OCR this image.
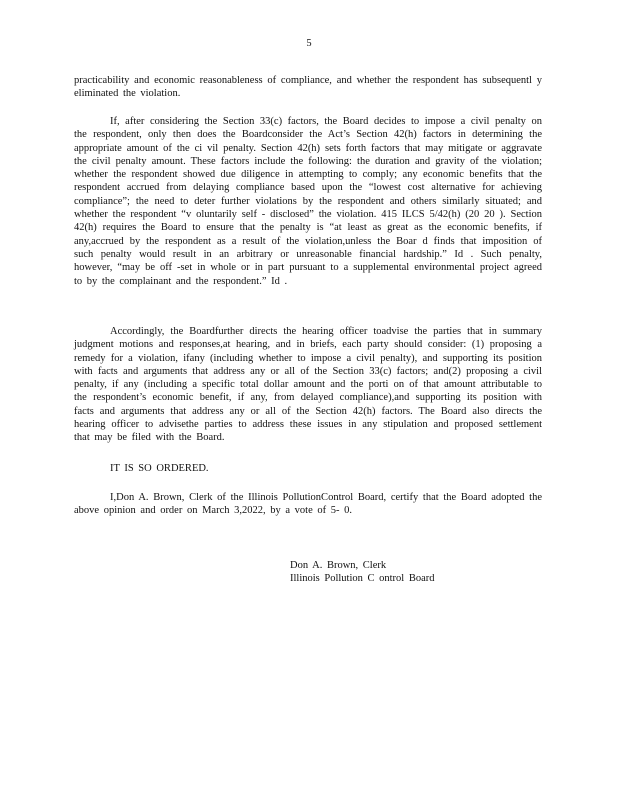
5
practicability and economic reasonableness of compliance, and whether the respondent has subsequentl y eliminated the violation.
If, after considering the Section 33(c) factors, the Board decides to impose a civil penalty on the respondent, only then does the Boardconsider the Act’s Section 42(h) factors in determining the appropriate amount of the ci vil penalty. Section 42(h) sets forth factors that may mitigate or aggravate the civil penalty amount. These factors include the following: the duration and gravity of the violation; whether the respondent showed due diligence in attempting to comply; any economic benefits that the respondent accrued from delaying compliance based upon the “lowest cost alternative for achieving compliance”; the need to deter further violations by the respondent and others similarly situated; and whether the respondent “v oluntarily self - disclosed” the violation. 415 ILCS 5/42(h) (20 20 ). Section 42(h) requires the Board to ensure that the penalty is “at least as great as the economic benefits, if any,accrued by the respondent as a result of the violation,unless the Boar d finds that imposition of such penalty would result in an arbitrary or unreasonable financial hardship.” Id . Such penalty, however, “may be off -set in whole or in part pursuant to a supplemental environmental project agreed to by the complainant and the respondent.” Id .
Accordingly, the Boardfurther directs the hearing officer toadvise the parties that in summary judgment motions and responses,at hearing, and in briefs, each party should consider: (1) proposing a remedy for a violation, ifany (including whether to impose a civil penalty), and supporting its position with facts and arguments that address any or all of the Section 33(c) factors; and(2) proposing a civil penalty, if any (including a specific total dollar amount and the porti on of that amount attributable to the respondent’s economic benefit, if any, from delayed compliance),and supporting its position with facts and arguments that address any or all of the Section 42(h) factors. The Board also directs the hearing officer to advisethe parties to address these issues in any stipulation and proposed settlement that may be filed with the Board.
IT IS SO ORDERED.
I,Don A. Brown, Clerk of the Illinois PollutionControl Board, certify that the Board adopted the above opinion and order on March 3,2022, by a vote of 5- 0.
Don A. Brown, Clerk
Illinois Pollution C ontrol Board
